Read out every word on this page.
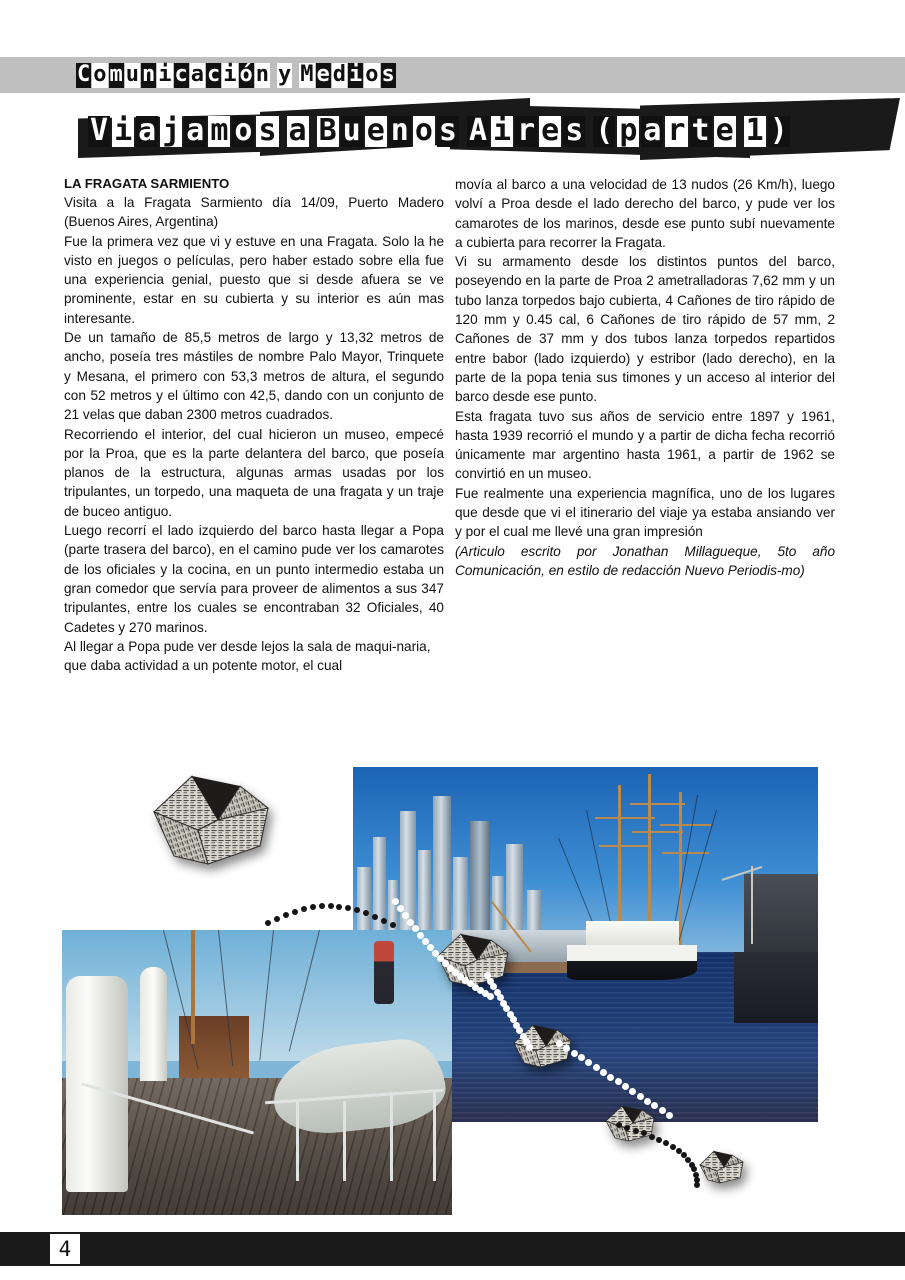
C o m u n i c a c i ó n y M e d i o s
V i a j a m o s a B u e n o s A i r e s ( p a r t e 1 )

LA FRAGATA SARMIENTO

Visita a la Fragata Sarmiento día 14/09, Puerto Madero (Buenos Aires, Argentina)

Fue la primera vez que vi y estuve en una Fragata. Solo la he visto en juegos o películas, pero haber estado sobre ella fue una experiencia genial, puesto que si desde afuera se ve prominente, estar en su cubierta y su interior es aún mas interesante.

De un tamaño de 85,5 metros de largo y 13,32 metros de ancho, poseía tres mástiles de nombre Palo Mayor, Trinquete y Mesana, el primero con 53,3 metros de altura, el segundo con 52 metros y el último con 42,5, dando con un conjunto de 21 velas que daban 2300 metros cuadrados.

Recorriendo el interior, del cual hicieron un museo, empecé por la Proa, que es la parte delantera del barco, que poseía planos de la estructura, algunas armas usadas por los tripulantes, un torpedo, una maqueta de una fragata y un traje de buceo antiguo.

Luego recorrí el lado izquierdo del barco hasta llegar a Popa (parte trasera del barco), en el camino pude ver los camarotes de los oficiales y la cocina, en un punto intermedio estaba un gran comedor que servía para proveer de alimentos a sus 347 tripulantes, entre los cuales se encontraban 32 Oficiales, 40 Cadetes y 270 marinos.

Al llegar a Popa pude ver desde lejos la sala de maqui-naria, que daba actividad a un potente motor, el cual

movía al barco a una velocidad de 13 nudos (26 Km/h), luego volví a Proa desde el lado derecho del barco, y pude ver los camarotes de los marinos, desde ese punto subí nuevamente a cubierta para recorrer la Fragata.

Vi su armamento desde los distintos puntos del barco, poseyendo en la parte de Proa 2 ametralladoras 7,62 mm y un tubo lanza torpedos bajo cubierta, 4 Cañones de tiro rápido de 120 mm y 0.45 cal, 6 Cañones de tiro rápido de 57 mm, 2 Cañones de 37 mm y dos tubos lanza torpedos repartidos entre babor (lado izquierdo) y estribor (lado derecho), en la parte de la popa tenia sus timones y un acceso al interior del barco desde ese punto.

Esta fragata tuvo sus años de servicio entre 1897 y 1961, hasta 1939 recorrió el mundo y a partir de dicha fecha recorrió únicamente mar argentino hasta 1961, a partir de 1962 se convirtió en un museo.

Fue realmente una experiencia magnífica, uno de los lugares que desde que vi el itinerario del viaje ya estaba ansiando ver y por el cual me llevé una gran impresión

(Articulo escrito por Jonathan Millagueque, 5to año Comunicación, en estilo de redacción Nuevo Periodis-mo)

4
